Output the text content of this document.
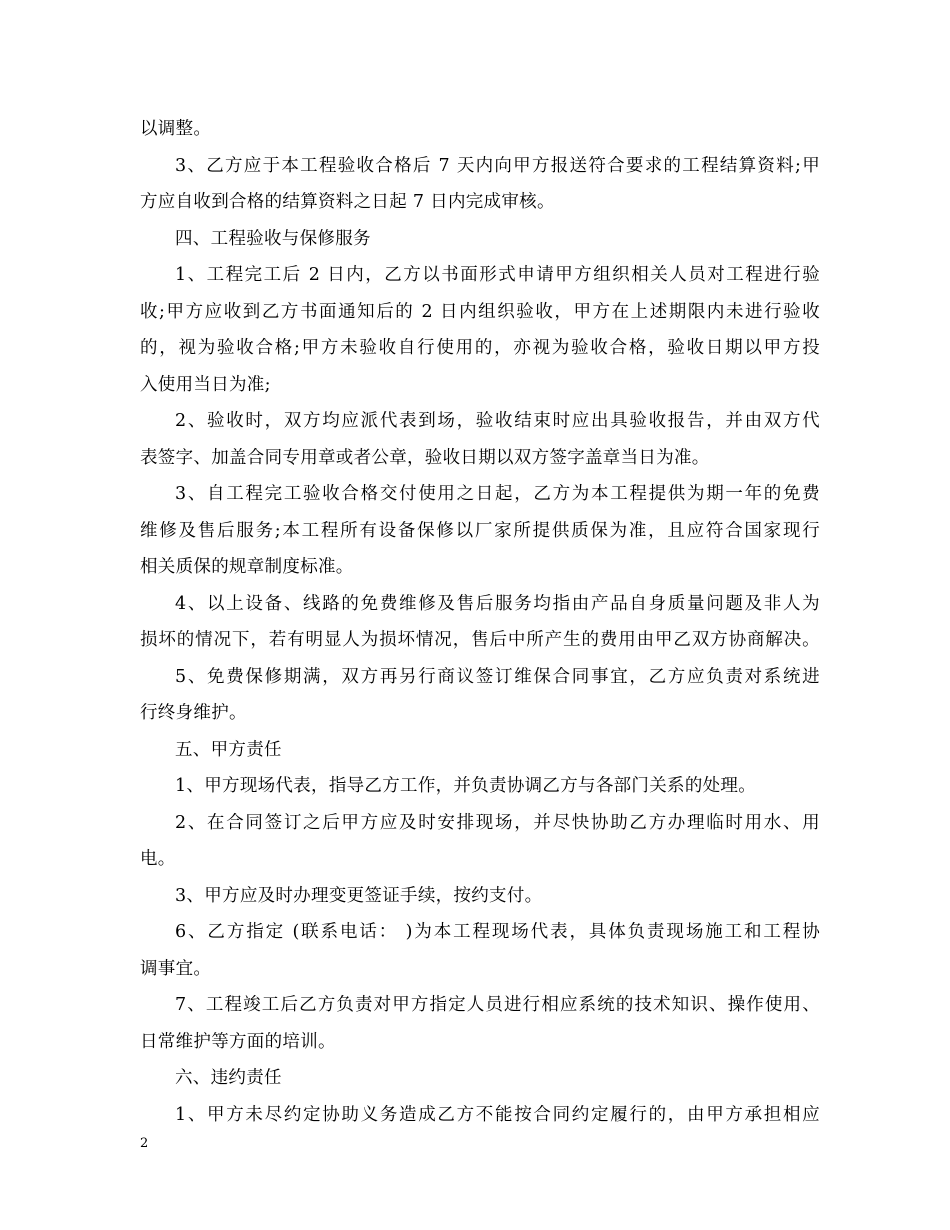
以调整。
3、乙方应于本工程验收合格后 7 天内向甲方报送符合要求的工程结算资料;甲
方应自收到合格的结算资料之日起 7 日内完成审核。
四、工程验收与保修服务
1、工程完工后 2 日内，乙方以书面形式申请甲方组织相关人员对工程进行验
收;甲方应收到乙方书面通知后的 2 日内组织验收，甲方在上述期限内未进行验收
的，视为验收合格;甲方未验收自行使用的，亦视为验收合格，验收日期以甲方投
入使用当日为准;
2、验收时，双方均应派代表到场，验收结束时应出具验收报告，并由双方代
表签字、加盖合同专用章或者公章，验收日期以双方签字盖章当日为准。
3、自工程完工验收合格交付使用之日起，乙方为本工程提供为期一年的免费
维修及售后服务;本工程所有设备保修以厂家所提供质保为准，且应符合国家现行
相关质保的规章制度标准。
4、以上设备、线路的免费维修及售后服务均指由产品自身质量问题及非人为
损坏的情况下，若有明显人为损坏情况，售后中所产生的费用由甲乙双方协商解决。
5、免费保修期满，双方再另行商议签订维保合同事宜，乙方应负责对系统进
行终身维护。
五、甲方责任
1、甲方现场代表，指导乙方工作，并负责协调乙方与各部门关系的处理。
2、在合同签订之后甲方应及时安排现场，并尽快协助乙方办理临时用水、用
电。
3、甲方应及时办理变更签证手续，按约支付。
6、乙方指定 (联系电话： )为本工程现场代表，具体负责现场施工和工程协
调事宜。
7、工程竣工后乙方负责对甲方指定人员进行相应系统的技术知识、操作使用、
日常维护等方面的培训。
六、违约责任
1、甲方未尽约定协助义务造成乙方不能按合同约定履行的，由甲方承担相应
2
